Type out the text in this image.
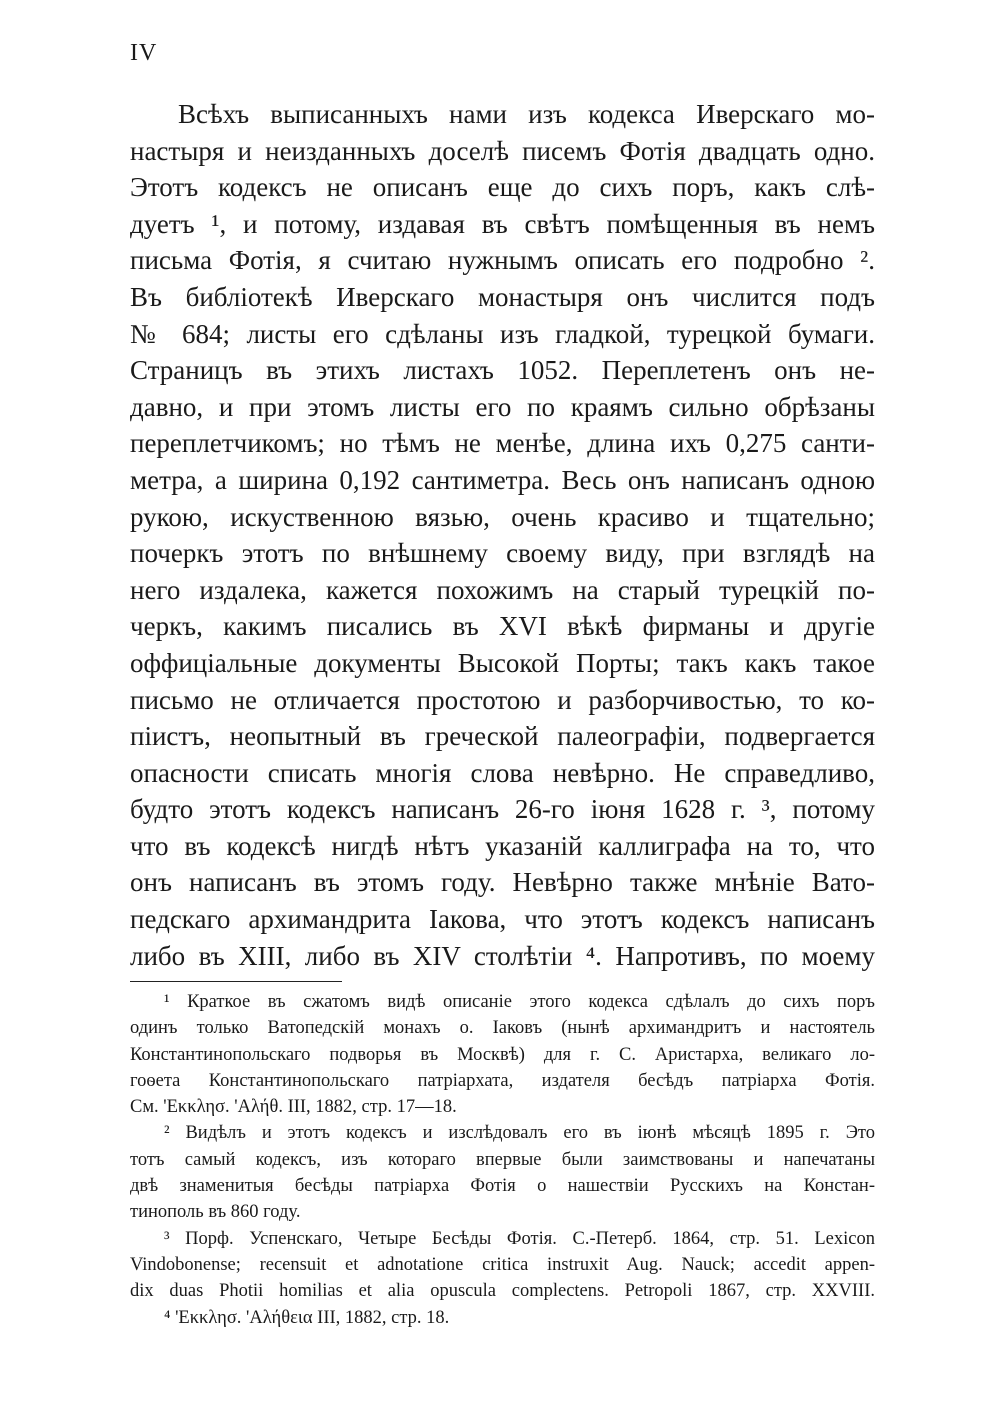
IV
Всѣхъ выписанныхъ нами изъ кодекса Иверскаго мо-
настыря и неизданныхъ доселѣ писемъ Фотія двадцать одно.
Этотъ кодексъ не описанъ еще до сихъ поръ, какъ слѣ-
дуетъ ¹, и потому, издавая въ свѣтъ помѣщенныя въ немъ
письма Фотія, я считаю нужнымъ описать его подробно ².
Въ библіотекѣ Иверскаго монастыря онъ числится подъ
№ 684; листы его сдѣланы изъ гладкой, турецкой бумаги.
Страницъ въ этихъ листахъ 1052. Переплетенъ онъ не-
давно, и при этомъ листы его по краямъ сильно обрѣзаны
переплетчикомъ; но тѣмъ не менѣе, длина ихъ 0,275 санти-
метра, а ширина 0,192 сантиметра. Весь онъ написанъ одною
рукою, искуственною вязью, очень красиво и тщательно;
почеркъ этотъ по внѣшнему своему виду, при взглядѣ на
него издалека, кажется похожимъ на старый турецкій по-
черкъ, какимъ писались въ XVI вѣкѣ фирманы и другіе
оффиціальные документы Высокой Порты; такъ какъ такое
письмо не отличается простотою и разборчивостью, то ко-
піистъ, неопытный въ греческой палеографіи, подвергается
опасности списать многія слова невѣрно. Не справедливо,
будто этотъ кодексъ написанъ 26-го іюня 1628 г. ³, потому
что въ кодексѣ нигдѣ нѣтъ указаній каллиграфа на то, что
онъ написанъ въ этомъ году. Невѣрно также мнѣніе Вато-
педскаго архимандрита Іакова, что этотъ кодексъ написанъ
либо въ XIII, либо въ XIV столѣтіи ⁴. Напротивъ, по моему
¹ Краткое въ сжатомъ видѣ описаніе этого кодекса сдѣлалъ до сихъ поръ
одинъ только Ватопедскій монахъ о. Іаковъ (нынѣ архимандритъ и настоятель
Константинопольскаго подворья въ Москвѣ) для г. С. Аристарха, великаго ло-
гоѳета Константинопольскаго патріархата, издателя бесѣдъ патріарха Фотія.
См. 'Εκκλησ. 'Αλήθ. III, 1882, стр. 17—18.
² Видѣлъ и этотъ кодексъ и изслѣдовалъ его въ іюнѣ мѣсяцѣ 1895 г. Это
тотъ самый кодексъ, изъ котораго впервые были заимствованы и напечатаны
двѣ знаменитыя бесѣды патріарха Фотія о нашествіи Русскихъ на Констан-
тинополь въ 860 году.
³ Порф. Успенскаго, Четыре Бесѣды Фотія. С.-Петерб. 1864, стр. 51. Lexicon
Vindobonense; recensuit et adnotatione critica instruxit Aug. Nauck; accedit appen-
dix duas Photii homilias et alia opuscula complectens. Petropoli 1867, стр. XXVIII.
⁴ 'Εκκλησ. 'Αλήθεια III, 1882, стр. 18.
